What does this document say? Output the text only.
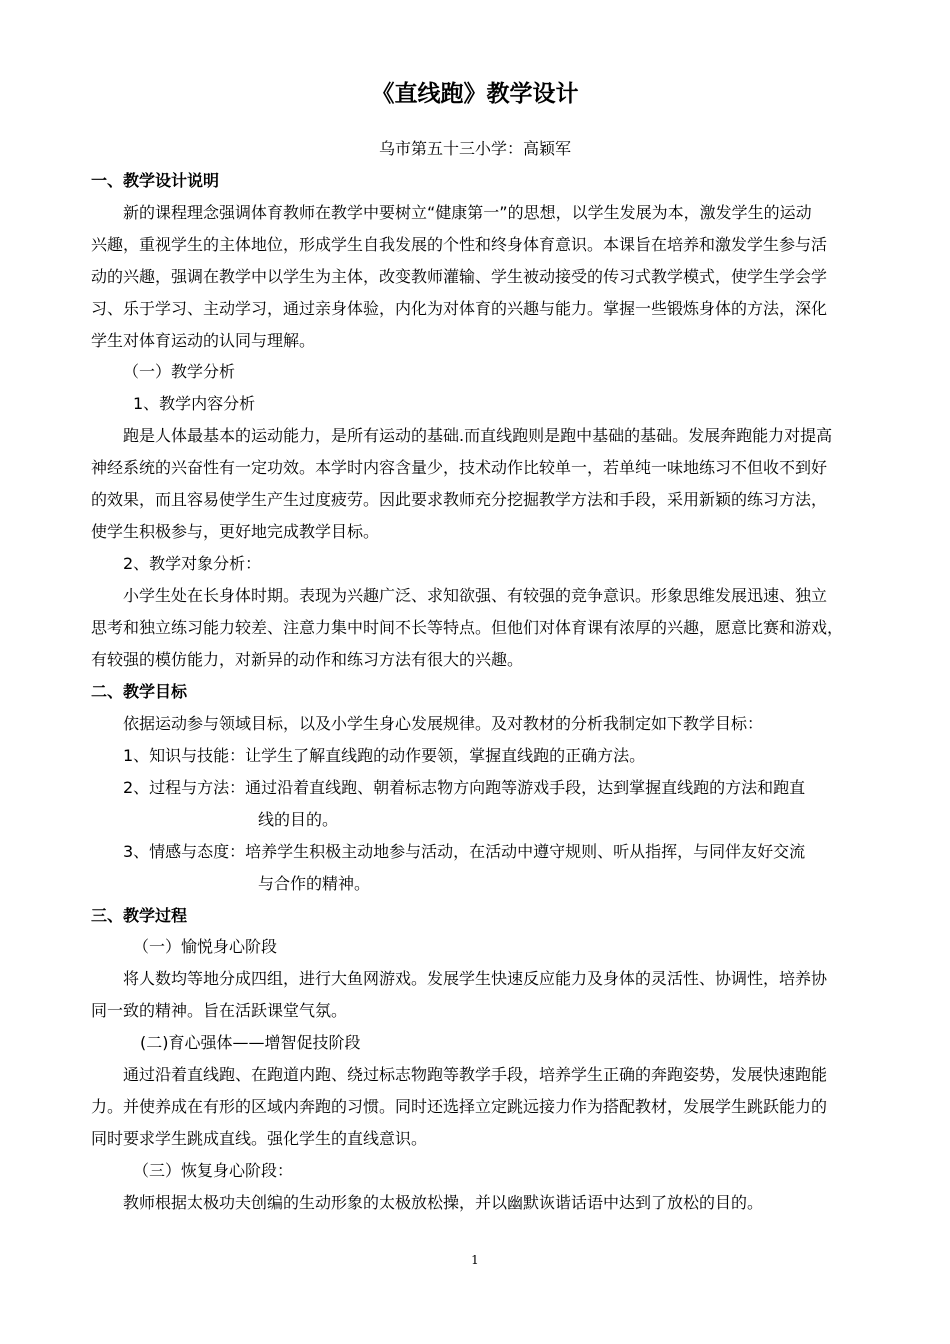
《直线跑》教学设计
乌市第五十三小学：高颖军
一、教学设计说明
新的课程理念强调体育教师在教学中要树立“健康第一”的思想，以学生发展为本，激发学生的运动
兴趣，重视学生的主体地位，形成学生自我发展的个性和终身体育意识。本课旨在培养和激发学生参与活
动的兴趣，强调在教学中以学生为主体，改变教师灌输、学生被动接受的传习式教学模式，使学生学会学
习、乐于学习、主动学习，通过亲身体验，内化为对体育的兴趣与能力。掌握一些锻炼身体的方法，深化
学生对体育运动的认同与理解。
（一）教学分析
1、教学内容分析
跑是人体最基本的运动能力，是所有运动的基础.而直线跑则是跑中基础的基础。发展奔跑能力对提高
神经系统的兴奋性有一定功效。本学时内容含量少，技术动作比较单一，若单纯一味地练习不但收不到好
的效果，而且容易使学生产生过度疲劳。因此要求教师充分挖掘教学方法和手段，采用新颖的练习方法，
使学生积极参与，更好地完成教学目标。
2、教学对象分析：
小学生处在长身体时期。表现为兴趣广泛、求知欲强、有较强的竞争意识。形象思维发展迅速、独立
思考和独立练习能力较差、注意力集中时间不长等特点。但他们对体育课有浓厚的兴趣，愿意比赛和游戏，
有较强的模仿能力，对新异的动作和练习方法有很大的兴趣。
二、教学目标
依据运动参与领域目标，以及小学生身心发展规律。及对教材的分析我制定如下教学目标：
1、知识与技能：让学生了解直线跑的动作要领，掌握直线跑的正确方法。
2、过程与方法：通过沿着直线跑、朝着标志物方向跑等游戏手段，达到掌握直线跑的方法和跑直
线的目的。
3、情感与态度：培养学生积极主动地参与活动，在活动中遵守规则、听从指挥，与同伴友好交流
与合作的精神。
三、教学过程
（一）愉悦身心阶段
将人数均等地分成四组，进行大鱼网游戏。发展学生快速反应能力及身体的灵活性、协调性，培养协
同一致的精神。旨在活跃课堂气氛。
(二)育心强体——增智促技阶段
通过沿着直线跑、在跑道内跑、绕过标志物跑等教学手段，培养学生正确的奔跑姿势，发展快速跑能
力。并使养成在有形的区域内奔跑的习惯。同时还选择立定跳远接力作为搭配教材，发展学生跳跃能力的
同时要求学生跳成直线。强化学生的直线意识。
（三）恢复身心阶段：
教师根据太极功夫创编的生动形象的太极放松操，并以幽默诙谐话语中达到了放松的目的。
1
